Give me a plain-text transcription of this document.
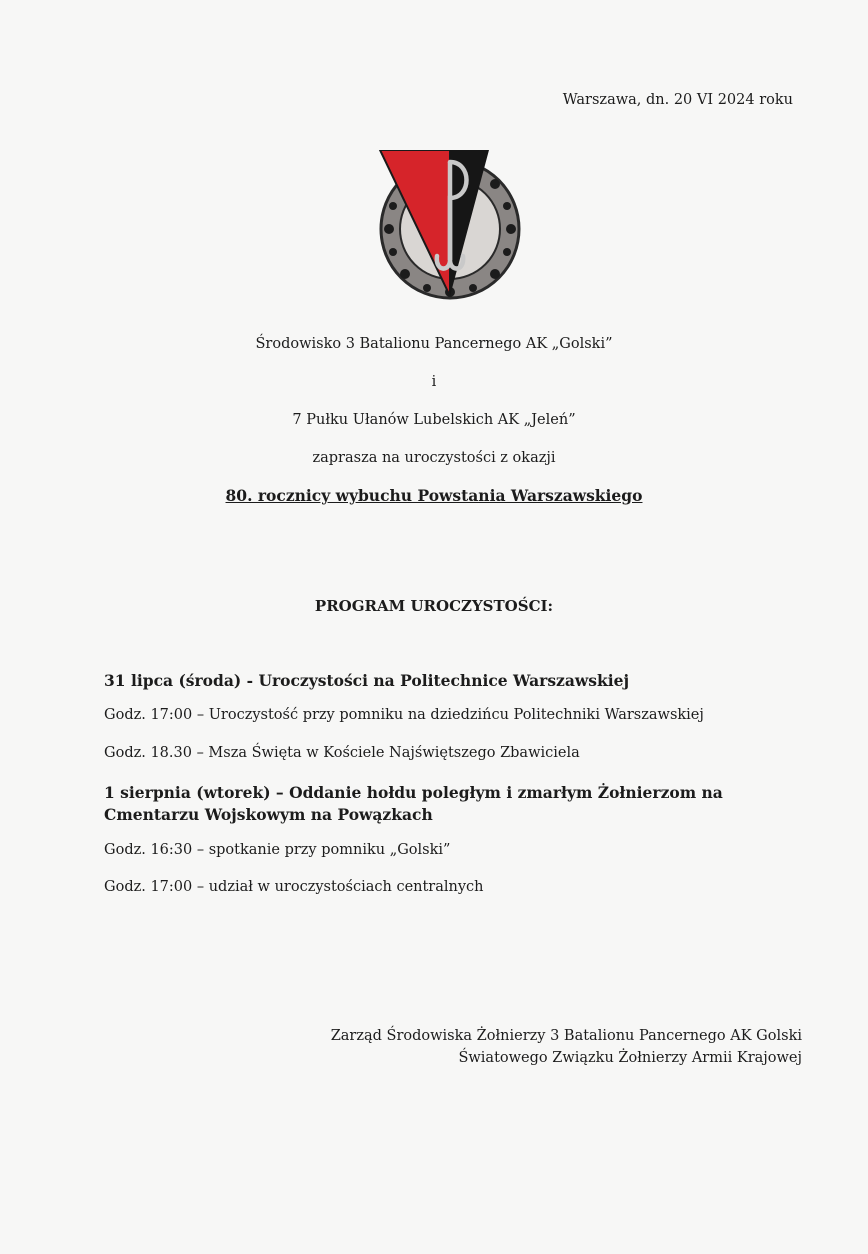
Warszawa, dn. 20 VI 2024 roku
Środowisko 3 Batalionu Pancernego AK „Golski”
i
7 Pułku Ułanów Lubelskich AK „Jeleń”
zaprasza na uroczystości z okazji
80. rocznicy wybuchu Powstania Warszawskiego
PROGRAM UROCZYSTOŚCI:
31 lipca (środa) - Uroczystości na Politechnice Warszawskiej
Godz. 17:00 – Uroczystość przy pomniku na dziedzińcu Politechniki Warszawskiej
Godz. 18.30 – Msza Święta w Kościele Najświętszego Zbawiciela
1 sierpnia (wtorek) – Oddanie hołdu poległym i zmarłym Żołnierzom na Cmentarzu Wojskowym na Powązkach
Godz. 16:30 – spotkanie przy pomniku „Golski”
Godz. 17:00 – udział w uroczystościach centralnych
Zarząd Środowiska Żołnierzy 3 Batalionu Pancernego AK Golski
Światowego Związku Żołnierzy Armii Krajowej
